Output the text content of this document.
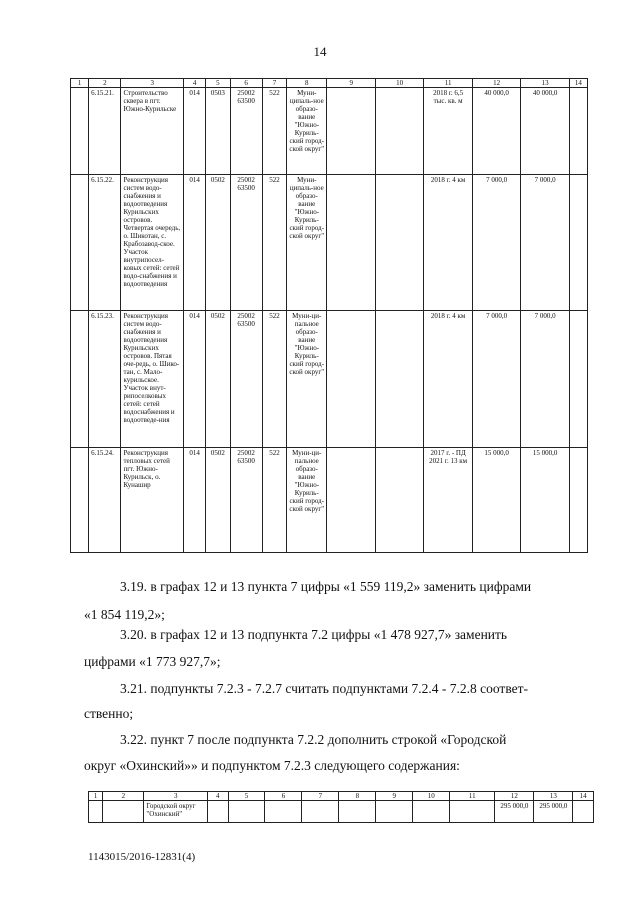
14
1	2	3	4	5	6	7	8	9	10	11	12	13	14
	6.15.21.	Строительство сквера в пгт. Южно-Курильске	014	0503	25002 63500	522	Муни-ципаль-ное образо-вание "Южно-Куриль-ский город-ской округ"			2018 г. 6,5 тыс. кв. м	40 000,0	40 000,0	
	6.15.22.	Реконструкция систем водо-снабжения и водоотведения Курильских островов. Четвертая очередь, о. Шикотан, с. Крабозавод-ское. Участок внутрипосел-ковых сетей: сетей водо-снабжения и водоотведения	014	0502	25002 63500	522	Муни-ципаль-ное образо-вание "Южно-Куриль-ский город-ской округ"			2018 г. 4 км	7 000,0	7 000,0	
	6.15.23.	Реконструкция систем водо-снабжения и водоотведения Курильских островов. Пятая оче-редь, о. Шико-тан, с. Мало-курильское. Участок внут-рипоселковых сетей: сетей водоснабжения и водоотведе-ния	014	0502	25002 63500	522	Муни-ци-пальное образо-вание "Южно-Куриль-ский город-ской округ"			2018 г. 4 км	7 000,0	7 000,0	
	6.15.24.	Реконструкция тепловых сетей пгт. Южно-Курильск, о. Кунашир	014	0502	25002 63500	522	Муни-ци-пальное образо-вание "Южно-Куриль-ский город-ской округ"			2017 г. - ПД 2021 г. 13 км	15 000,0	15 000,0	
3.19. в графах 12 и 13 пункта 7 цифры «1 559 119,2» заменить цифрами
«1 854 119,2»;
3.20. в графах 12 и 13 подпункта 7.2 цифры «1 478 927,7» заменить
цифрами «1 773 927,7»;
3.21. подпункты 7.2.3 - 7.2.7 считать подпунктами 7.2.4 - 7.2.8 соответ-
ственно;
3.22. пункт 7 после подпункта 7.2.2 дополнить строкой «Городской
округ «Охинский»» и подпунктом 7.2.3 следующего содержания:
1	2	3	4	5	6	7	8	9	10	11	12	13	14
		Городской округ "Охинский"									295 000,0	295 000,0	
1143015/2016-12831(4)
